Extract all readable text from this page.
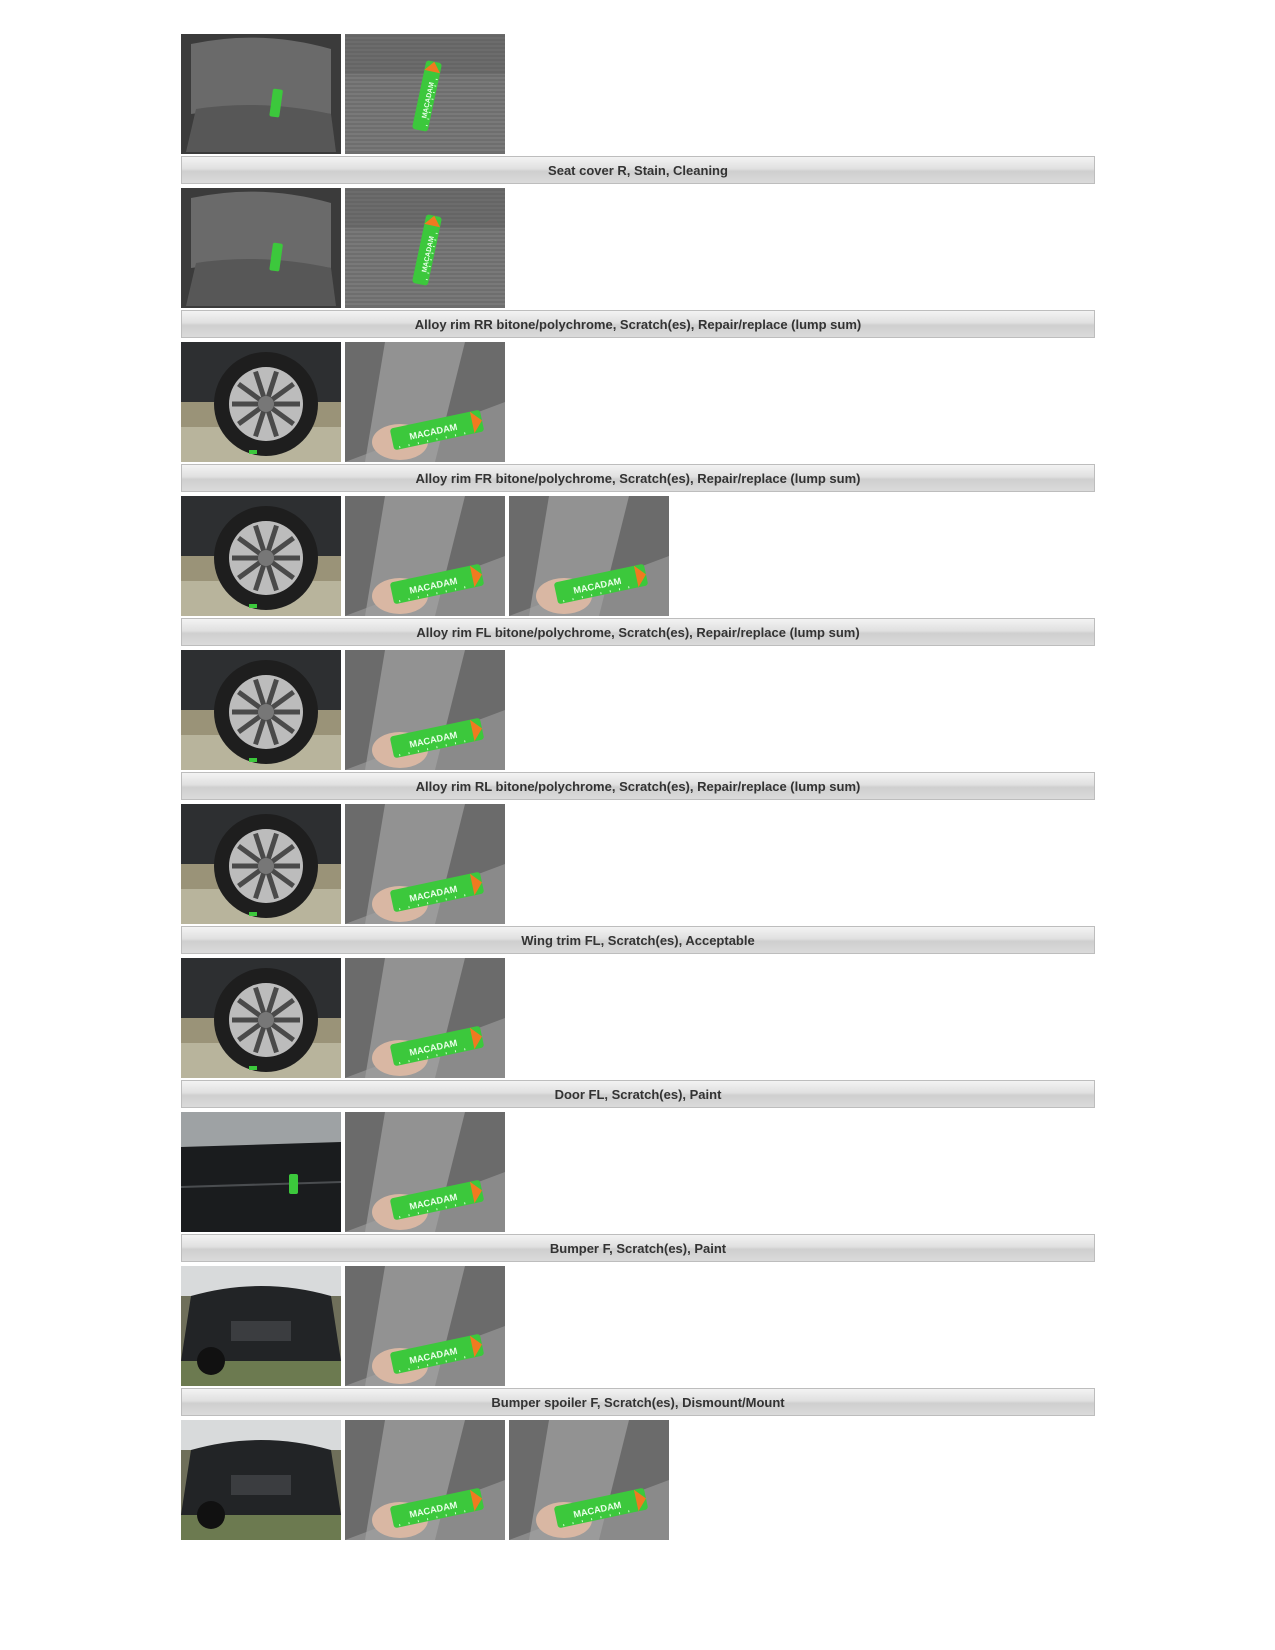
MACADAM
Seat cover R, Stain, Cleaning
MACADAM
Alloy rim RR bitone/polychrome, Scratch(es), Repair/replace (lump sum)
MACADAM
Alloy rim FR bitone/polychrome, Scratch(es), Repair/replace (lump sum)
MACADAM	MACADAM
Alloy rim FL bitone/polychrome, Scratch(es), Repair/replace (lump sum)
MACADAM
Alloy rim RL bitone/polychrome, Scratch(es), Repair/replace (lump sum)
MACADAM
Wing trim FL, Scratch(es), Acceptable
MACADAM
Door FL, Scratch(es), Paint
MACADAM
Bumper F, Scratch(es), Paint
MACADAM
Bumper spoiler F, Scratch(es), Dismount/Mount
MACADAM	MACADAM
